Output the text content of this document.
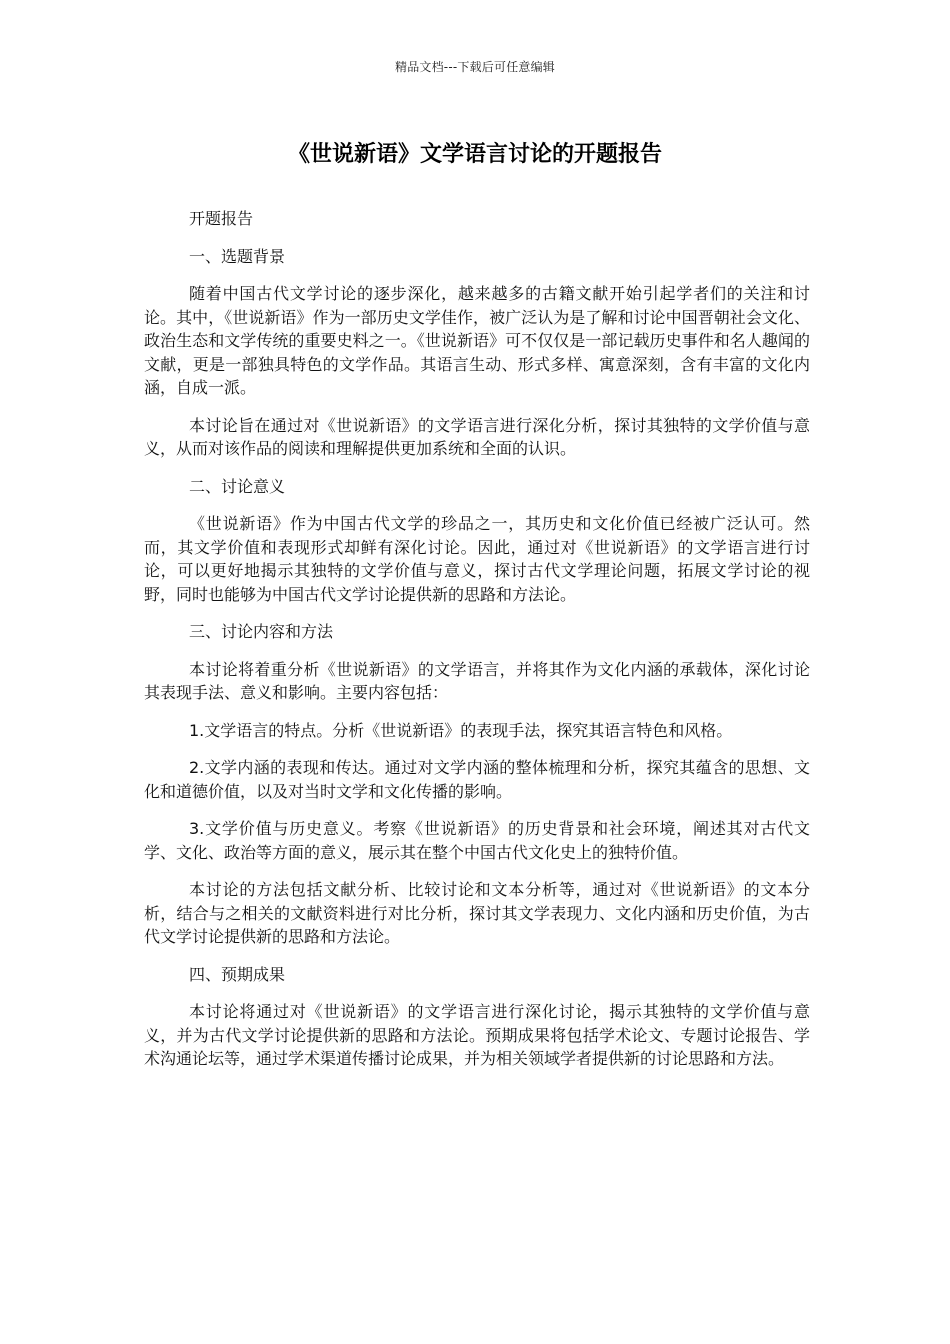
精品文档---下载后可任意编辑
《世说新语》文学语言讨论的开题报告

开题报告

一、选题背景

随着中国古代文学讨论的逐步深化，越来越多的古籍文献开始引起学者们的关注和讨论。其中，《世说新语》作为一部历史文学佳作，被广泛认为是了解和讨论中国晋朝社会文化、政治生态和文学传统的重要史料之一。《世说新语》可不仅仅是一部记载历史事件和名人趣闻的文献，更是一部独具特色的文学作品。其语言生动、形式多样、寓意深刻，含有丰富的文化内涵，自成一派。

本讨论旨在通过对《世说新语》的文学语言进行深化分析，探讨其独特的文学价值与意义，从而对该作品的阅读和理解提供更加系统和全面的认识。

二、讨论意义

《世说新语》作为中国古代文学的珍品之一，其历史和文化价值已经被广泛认可。然而，其文学价值和表现形式却鲜有深化讨论。因此，通过对《世说新语》的文学语言进行讨论，可以更好地揭示其独特的文学价值与意义，探讨古代文学理论问题，拓展文学讨论的视野，同时也能够为中国古代文学讨论提供新的思路和方法论。

三、讨论内容和方法

本讨论将着重分析《世说新语》的文学语言，并将其作为文化内涵的承载体，深化讨论其表现手法、意义和影响。主要内容包括：

1.文学语言的特点。分析《世说新语》的表现手法，探究其语言特色和风格。

2.文学内涵的表现和传达。通过对文学内涵的整体梳理和分析，探究其蕴含的思想、文化和道德价值，以及对当时文学和文化传播的影响。

3.文学价值与历史意义。考察《世说新语》的历史背景和社会环境，阐述其对古代文学、文化、政治等方面的意义，展示其在整个中国古代文化史上的独特价值。

本讨论的方法包括文献分析、比较讨论和文本分析等，通过对《世说新语》的文本分析，结合与之相关的文献资料进行对比分析，探讨其文学表现力、文化内涵和历史价值，为古代文学讨论提供新的思路和方法论。

四、预期成果

本讨论将通过对《世说新语》的文学语言进行深化讨论，揭示其独特的文学价值与意义，并为古代文学讨论提供新的思路和方法论。预期成果将包括学术论文、专题讨论报告、学术沟通论坛等，通过学术渠道传播讨论成果，并为相关领域学者提供新的讨论思路和方法。
